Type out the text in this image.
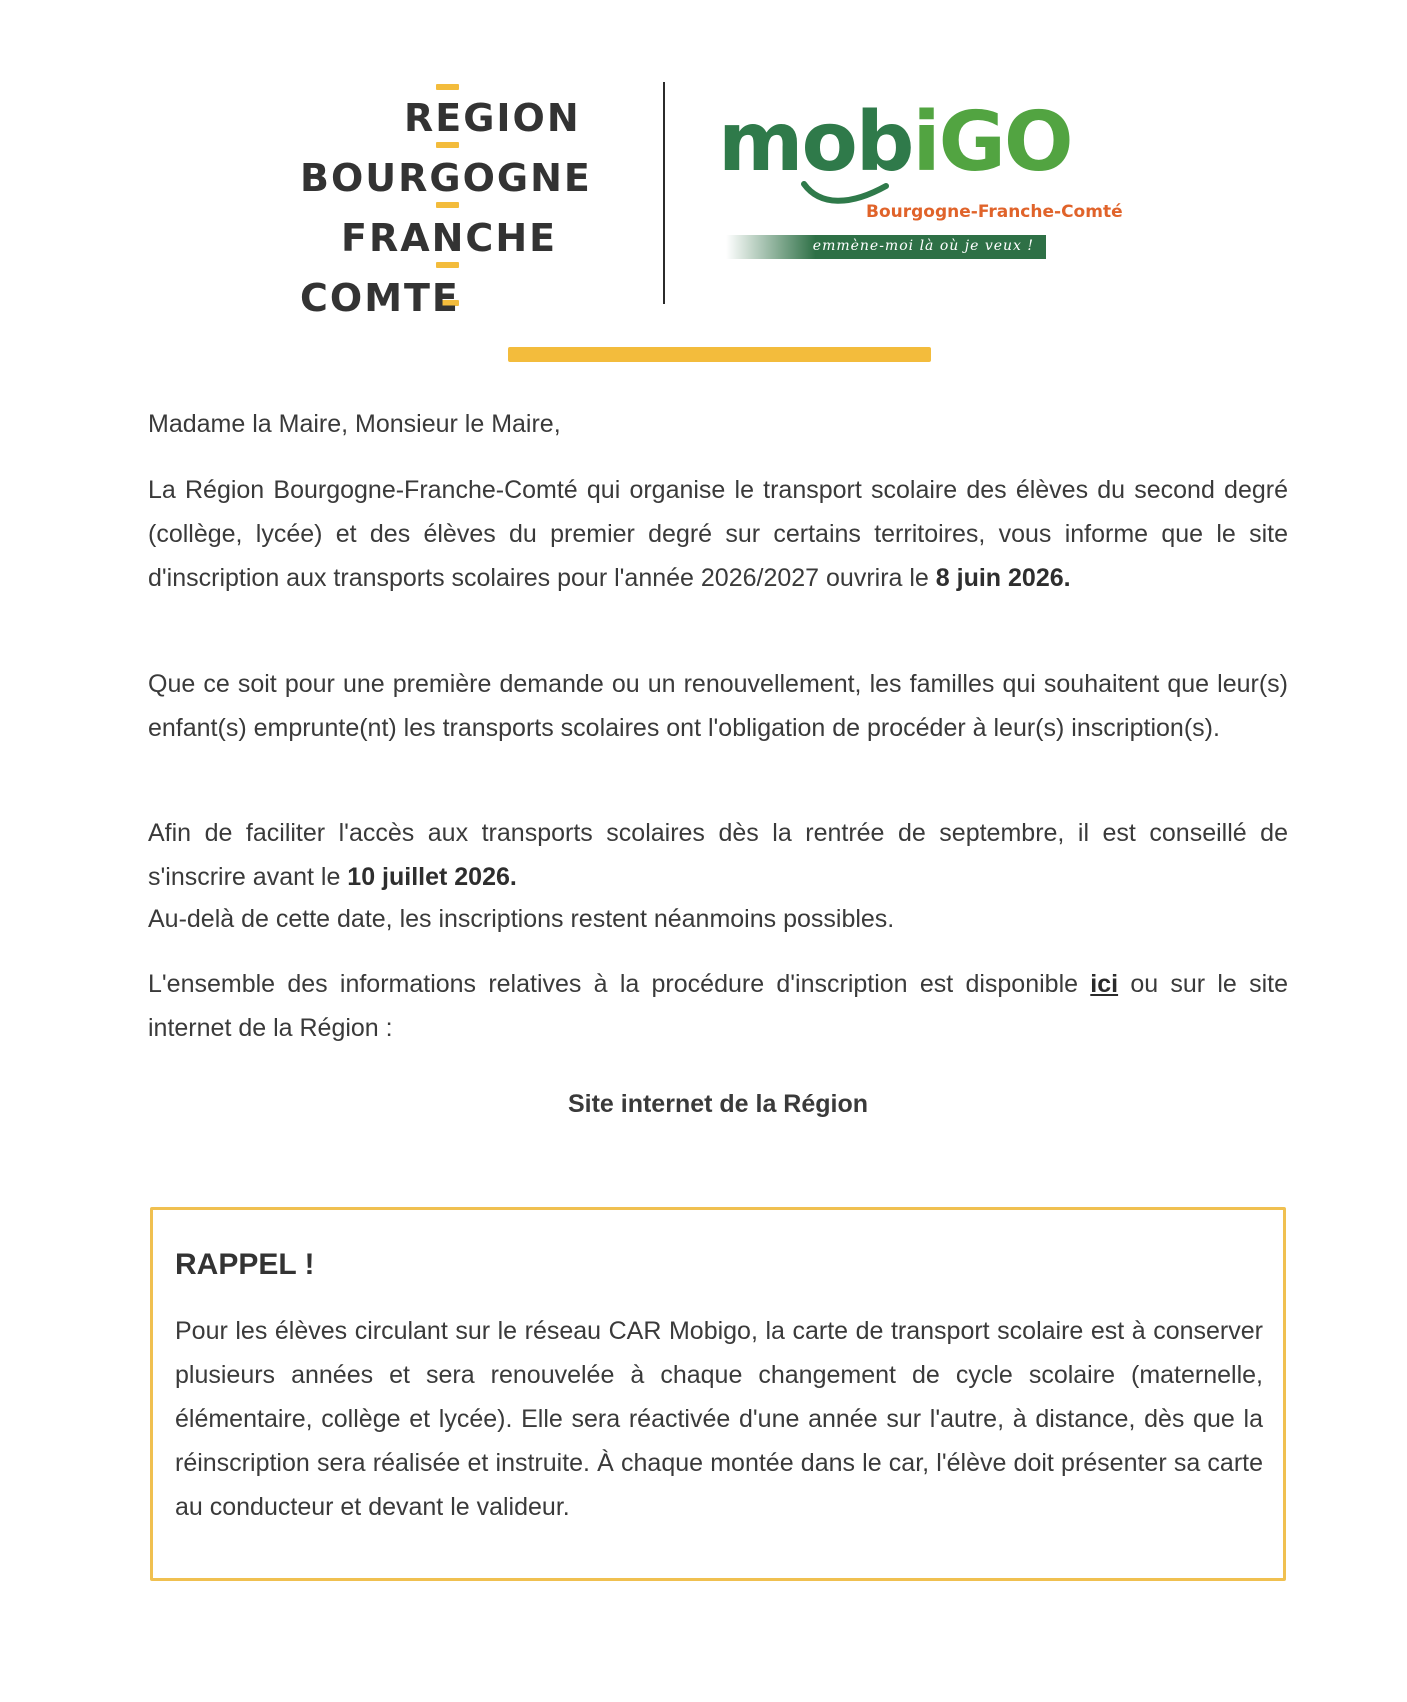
REGION
BOURGOGNE
FRANCHE
COMTE
mobiGO
Bourgogne-Franche-Comté
emmène-moi là où je veux !

Madame la Maire, Monsieur le Maire,

La Région Bourgogne-Franche-Comté qui organise le transport scolaire des élèves du second degré (collège, lycée) et des élèves du premier degré sur certains territoires, vous informe que le site d'inscription aux transports scolaires pour l'année 2026/2027 ouvrira le 8 juin 2026.

Que ce soit pour une première demande ou un renouvellement, les familles qui souhaitent que leur(s) enfant(s) emprunte(nt) les transports scolaires ont l'obligation de procéder à leur(s) inscription(s).

Afin de faciliter l'accès aux transports scolaires dès la rentrée de septembre, il est conseillé de s'inscrire avant le 10 juillet 2026.

Au-delà de cette date, les inscriptions restent néanmoins possibles.

L'ensemble des informations relatives à la procédure d'inscription est disponible ici ou sur le site internet de la Région :

Site internet de la Région
RAPPEL !

Pour les élèves circulant sur le réseau CAR Mobigo, la carte de transport scolaire est à conserver plusieurs années et sera renouvelée à chaque changement de cycle scolaire (maternelle, élémentaire, collège et lycée). Elle sera réactivée d'une année sur l'autre, à distance, dès que la réinscription sera réalisée et instruite. À chaque montée dans le car, l'élève doit présenter sa carte au conducteur et devant le valideur.
